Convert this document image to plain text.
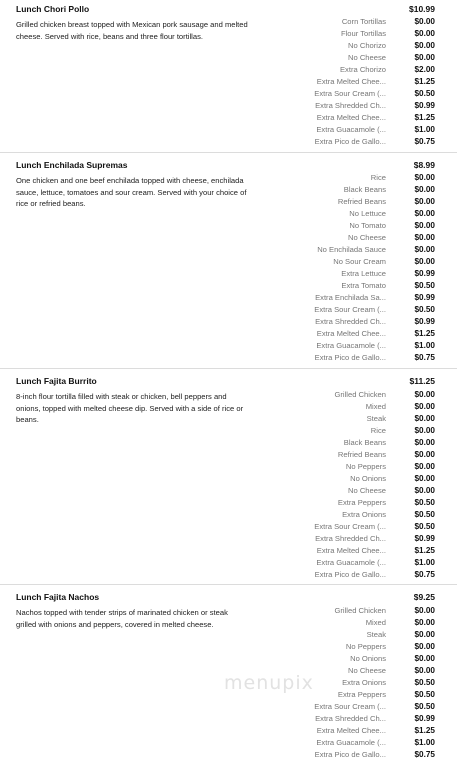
Lunch Chori Pollo	$10.99
Grilled chicken breast topped with Mexican pork sausage and melted cheese. Served with rice, beans and three flour tortillas.
Corn Tortillas	$0.00
Flour Tortillas	$0.00
No Chorizo	$0.00
No Cheese	$0.00
Extra Chorizo	$2.00
Extra Melted Chee...	$1.25
Extra Sour Cream (...	$0.50
Extra Shredded Ch...	$0.99
Extra Melted Chee...	$1.25
Extra Guacamole (...	$1.00
Extra Pico de Gallo...	$0.75
Lunch Enchilada Supremas	$8.99
One chicken and one beef enchilada topped with cheese, enchilada sauce, lettuce, tomatoes and sour cream. Served with your choice of rice or refried beans.
Rice	$0.00
Black Beans	$0.00
Refried Beans	$0.00
No Lettuce	$0.00
No Tomato	$0.00
No Cheese	$0.00
No Enchilada Sauce	$0.00
No Sour Cream	$0.00
Extra Lettuce	$0.99
Extra Tomato	$0.50
Extra Enchilada Sa...	$0.99
Extra Sour Cream (...	$0.50
Extra Shredded Ch...	$0.99
Extra Melted Chee...	$1.25
Extra Guacamole (...	$1.00
Extra Pico de Gallo...	$0.75
Lunch Fajita Burrito	$11.25
8-inch flour tortilla filled with steak or chicken, bell peppers and onions, topped with melted cheese dip. Served with a side of rice or beans.
Grilled Chicken	$0.00
Mixed	$0.00
Steak	$0.00
Rice	$0.00
Black Beans	$0.00
Refried Beans	$0.00
No Peppers	$0.00
No Onions	$0.00
No Cheese	$0.00
Extra Peppers	$0.50
Extra Onions	$0.50
Extra Sour Cream (...	$0.50
Extra Shredded Ch...	$0.99
Extra Melted Chee...	$1.25
Extra Guacamole (...	$1.00
Extra Pico de Gallo...	$0.75
Lunch Fajita Nachos	$9.25
Nachos topped with tender strips of marinated chicken or steak grilled with onions and peppers, covered in melted cheese.
Grilled Chicken	$0.00
Mixed	$0.00
Steak	$0.00
No Peppers	$0.00
No Onions	$0.00
No Cheese	$0.00
Extra Onions	$0.50
Extra Peppers	$0.50
Extra Sour Cream (...	$0.50
Extra Shredded Ch...	$0.99
Extra Melted Chee...	$1.25
Extra Guacamole (...	$1.00
Extra Pico de Gallo...	$0.75
menupix
